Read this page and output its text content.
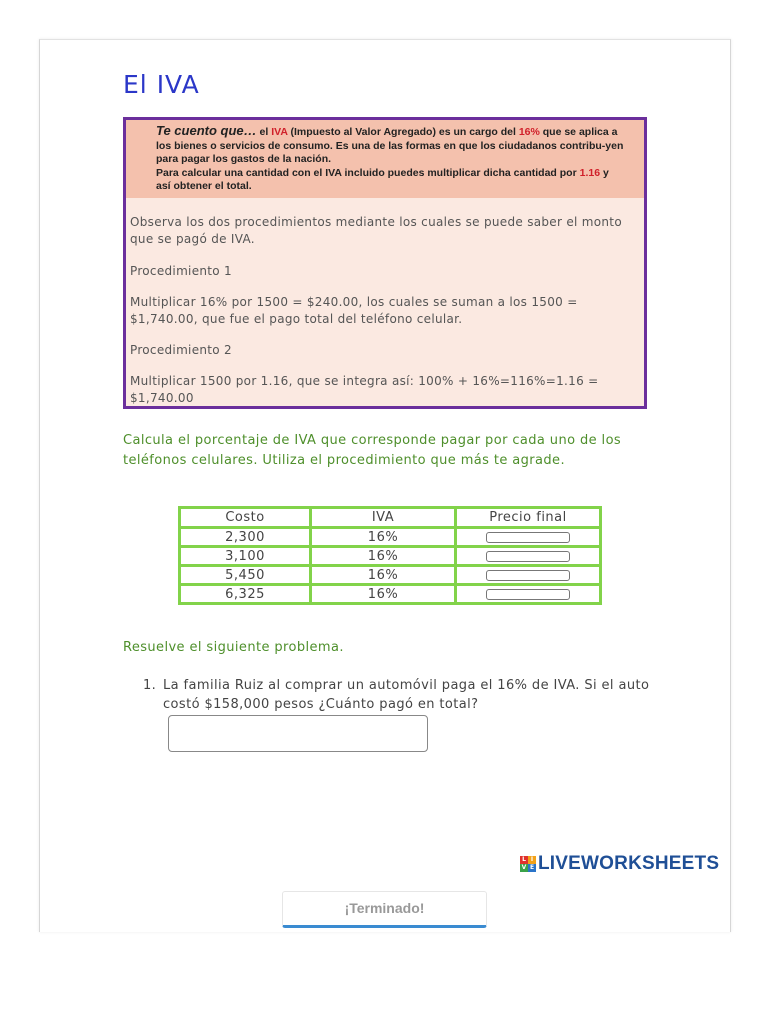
El IVA
Te cuento que… el IVA (Impuesto al Valor Agregado) es un cargo del 16% que se aplica a los bienes o servicios de consumo. Es una de las formas en que los ciudadanos contribu-yen para pagar los gastos de la nación.
Para calcular una cantidad con el IVA incluido puedes multiplicar dicha cantidad por 1.16 y así obtener el total.
Observa los dos procedimientos mediante los cuales se puede saber el monto que se pagó de IVA.
Procedimiento 1
Multiplicar 16% por 1500 = $240.00, los cuales se suman a los 1500 = $1,740.00, que fue el pago total del teléfono celular.
Procedimiento 2
Multiplicar 1500 por 1.16, que se integra así: 100% + 16%=116%=1.16 = $1,740.00
Calcula el porcentaje de IVA que corresponde pagar por cada uno de los teléfonos celulares. Utiliza el procedimiento que más te agrade.
Costo	IVA	Precio final
2,300	16%	

3,100	16%	

5,450	16%	

6,325	16%	
Resuelve el siguiente problema.
1. La familia Ruiz al comprar un automóvil paga el 16% de IVA. Si el auto costó $158,000 pesos ¿Cuánto pagó en total?
L I
V E LIVEWORKSHEETS
¡Terminado!
